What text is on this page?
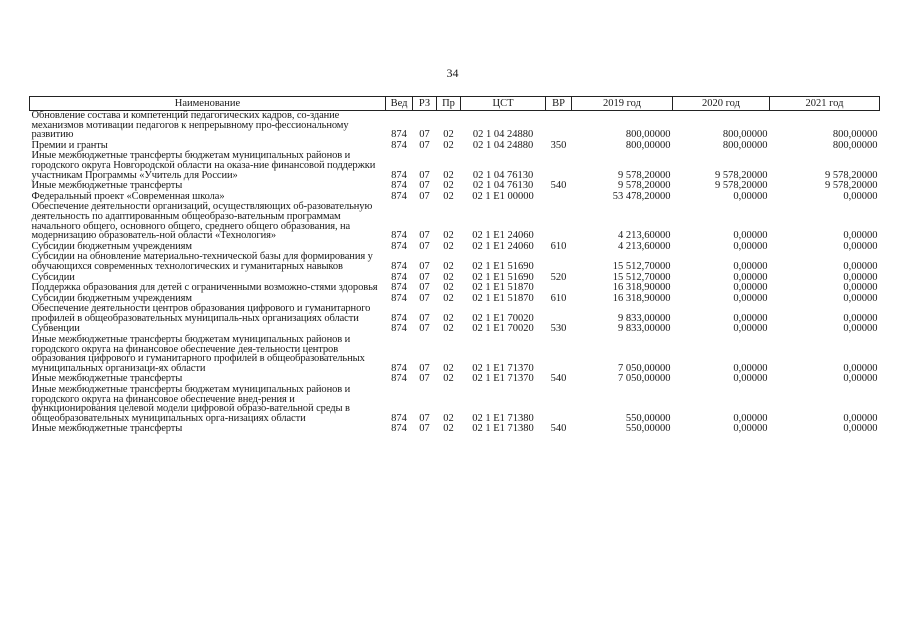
34
Наименование	Вед	РЗ	Пр	ЦСТ	ВР	2019 год	2020 год	2021 год
Обновление состава и компетенций педагогических кадров, со-здание механизмов мотивации педагогов к непрерывному про-фессиональному развитию	874	07	02	02 1 04 24880		800,00000	800,00000	800,00000
Премии и гранты	874	07	02	02 1 04 24880	350	800,00000	800,00000	800,00000
Иные межбюджетные трансферты бюджетам муниципальных районов и городского округа Новгородской области на оказа-ние финансовой поддержки участникам Программы «Учитель для России»	874	07	02	02 1 04 76130		9 578,20000	9 578,20000	9 578,20000
Иные межбюджетные трансферты	874	07	02	02 1 04 76130	540	9 578,20000	9 578,20000	9 578,20000
Федеральный проект «Современная школа»	874	07	02	02 1 E1 00000		53 478,20000	0,00000	0,00000
Обеспечение деятельности организаций, осуществляющих об-разовательную деятельность по адаптированным общеобразо-вательным программам начального общего, основного общего, среднего общего образования, на модернизацию образователь-ной области «Технология»	874	07	02	02 1 E1 24060		4 213,60000	0,00000	0,00000
Субсидии бюджетным учреждениям	874	07	02	02 1 E1 24060	610	4 213,60000	0,00000	0,00000
Субсидии на обновление материально-технической базы для формирования у обучающихся современных технологических и гуманитарных навыков	874	07	02	02 1 E1 51690		15 512,70000	0,00000	0,00000
Субсидии	874	07	02	02 1 E1 51690	520	15 512,70000	0,00000	0,00000
Поддержка образования для детей с ограниченными возможно-стями здоровья	874	07	02	02 1 E1 51870		16 318,90000	0,00000	0,00000
Субсидии бюджетным учреждениям	874	07	02	02 1 E1 51870	610	16 318,90000	0,00000	0,00000
Обеспечение деятельности центров образования цифрового и гуманитарного профилей в общеобразовательных муниципаль-ных организациях области	874	07	02	02 1 E1 70020		9 833,00000	0,00000	0,00000
Субвенции	874	07	02	02 1 E1 70020	530	9 833,00000	0,00000	0,00000
Иные межбюджетные трансферты бюджетам муниципальных районов и городского округа на финансовое обеспечение дея-тельности центров образования цифрового и гуманитарного профилей в общеобразовательных муниципальных организаци-ях области	874	07	02	02 1 E1 71370		7 050,00000	0,00000	0,00000
Иные межбюджетные трансферты	874	07	02	02 1 E1 71370	540	7 050,00000	0,00000	0,00000
Иные межбюджетные трансферты бюджетам муниципальных районов и городского округа на финансовое обеспечение внед-рения и функционирования целевой модели цифровой образо-вательной среды в общеобразовательных муниципальных орга-низациях области	874	07	02	02 1 E1 71380		550,00000	0,00000	0,00000
Иные межбюджетные трансферты	874	07	02	02 1 E1 71380	540	550,00000	0,00000	0,00000
